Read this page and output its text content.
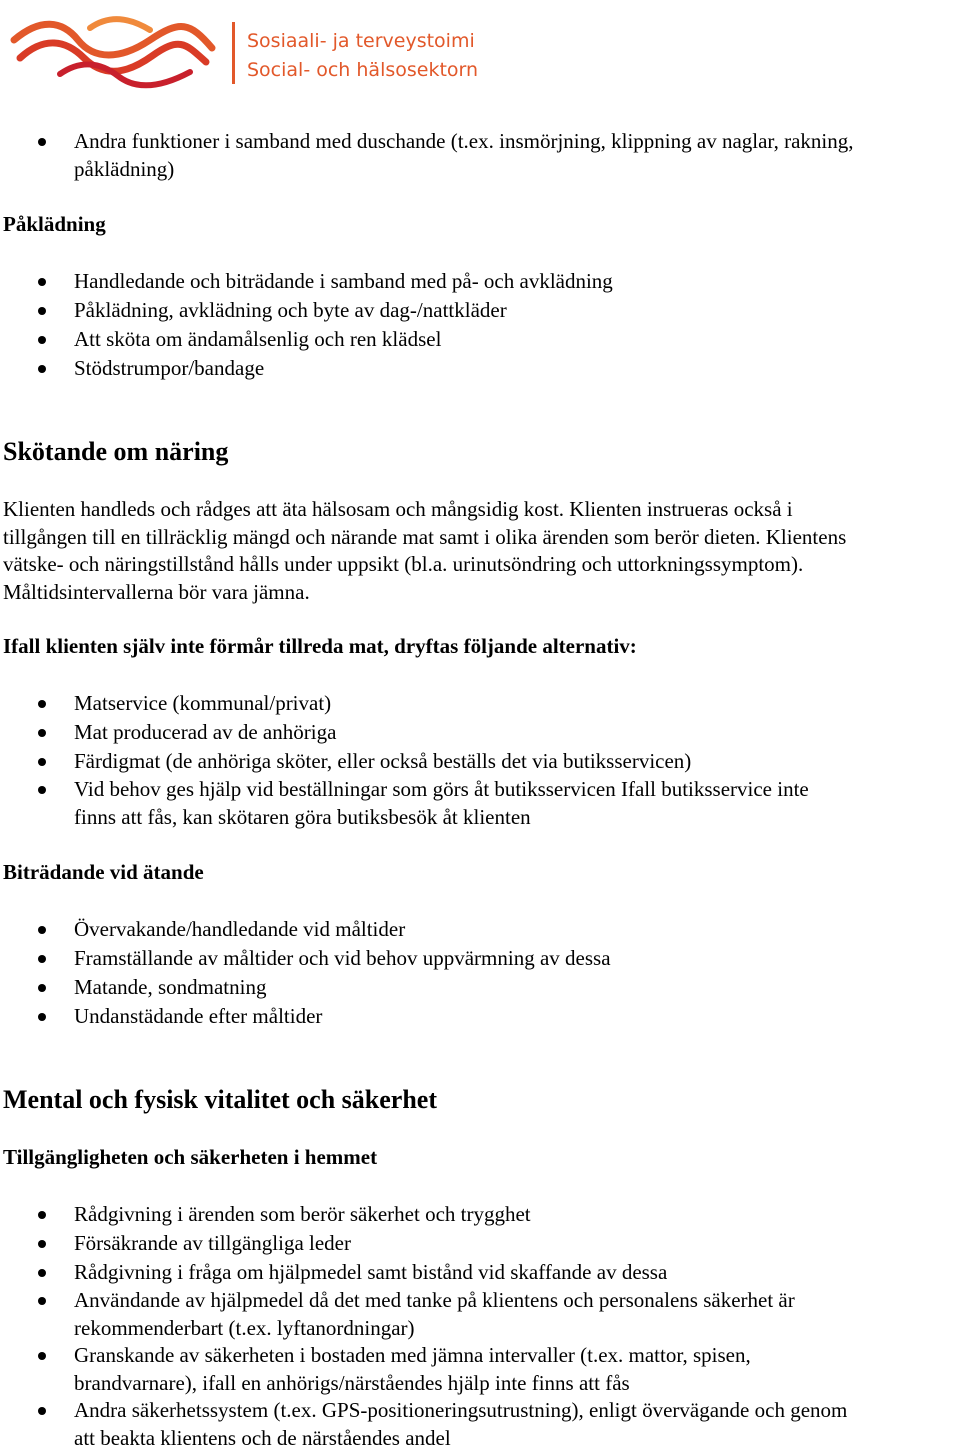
Sosiaali- ja terveystoimi
Social- och hälsosektorn
Andra funktioner i samband med duschande (t.ex. insmörjning, klippning av naglar, rakning,
påklädning)
Påklädning
Handledande och biträdande i samband med på- och avklädning
Påklädning, avklädning och byte av dag-/nattkläder
Att sköta om ändamålsenlig och ren klädsel
Stödstrumpor/bandage
Skötande om näring
Klienten handleds och rådges att äta hälsosam och mångsidig kost. Klienten instrueras också i
tillgången till en tillräcklig mängd och närande mat samt i olika ärenden som berör dieten. Klientens
vätske- och näringstillstånd hålls under uppsikt (bl.a. urinutsöndring och uttorkningssymptom).
Måltidsintervallerna bör vara jämna.
Ifall klienten själv inte förmår tillreda mat, dryftas följande alternativ:
Matservice (kommunal/privat)
Mat producerad av de anhöriga
Färdigmat (de anhöriga sköter, eller också beställs det via butiksservicen)
Vid behov ges hjälp vid beställningar som görs åt butiksservicen Ifall butiksservice inte
finns att fås, kan skötaren göra butiksbesök åt klienten
Biträdande vid ätande
Övervakande/handledande vid måltider
Framställande av måltider och vid behov uppvärmning av dessa
Matande, sondmatning
Undanstädande efter måltider
Mental och fysisk vitalitet och säkerhet
Tillgängligheten och säkerheten i hemmet
Rådgivning i ärenden som berör säkerhet och trygghet
Försäkrande av tillgängliga leder
Rådgivning i fråga om hjälpmedel samt bistånd vid skaffande av dessa
Användande av hjälpmedel då det med tanke på klientens och personalens säkerhet är
rekommenderbart (t.ex. lyftanordningar)
Granskande av säkerheten i bostaden med jämna intervaller (t.ex. mattor, spisen,
brandvarnare), ifall en anhörigs/närståendes hjälp inte finns att fås
Andra säkerhetssystem (t.ex. GPS-positioneringsutrustning), enligt övervägande och genom
att beakta klientens och de närståendes andel
